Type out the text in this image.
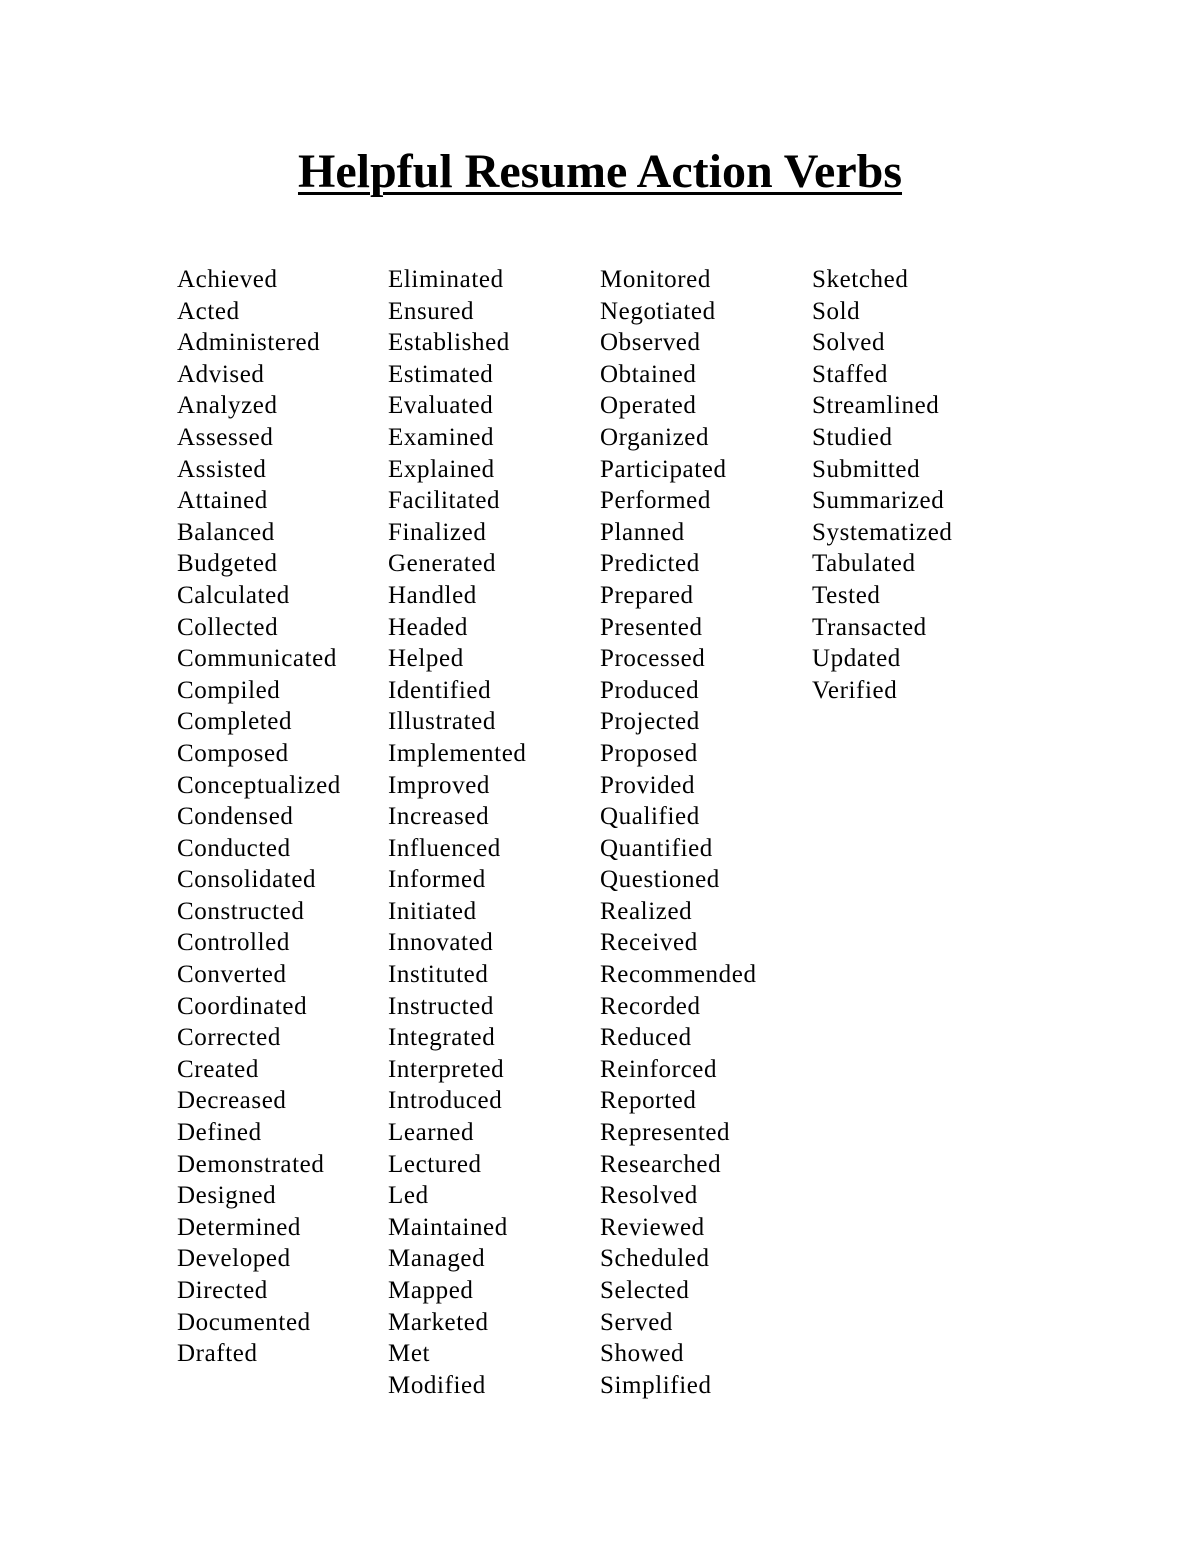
Helpful Resume Action Verbs
Achieved
Acted
Administered
Advised
Analyzed
Assessed
Assisted
Attained
Balanced
Budgeted
Calculated
Collected
Communicated
Compiled
Completed
Composed
Conceptualized
Condensed
Conducted
Consolidated
Constructed
Controlled
Converted
Coordinated
Corrected
Created
Decreased
Defined
Demonstrated
Designed
Determined
Developed
Directed
Documented
Drafted
Eliminated
Ensured
Established
Estimated
Evaluated
Examined
Explained
Facilitated
Finalized
Generated
Handled
Headed
Helped
Identified
Illustrated
Implemented
Improved
Increased
Influenced
Informed
Initiated
Innovated
Instituted
Instructed
Integrated
Interpreted
Introduced
Learned
Lectured
Led
Maintained
Managed
Mapped
Marketed
Met
Modified
Monitored
Negotiated
Observed
Obtained
Operated
Organized
Participated
Performed
Planned
Predicted
Prepared
Presented
Processed
Produced
Projected
Proposed
Provided
Qualified
Quantified
Questioned
Realized
Received
Recommended
Recorded
Reduced
Reinforced
Reported
Represented
Researched
Resolved
Reviewed
Scheduled
Selected
Served
Showed
Simplified
Sketched
Sold
Solved
Staffed
Streamlined
Studied
Submitted
Summarized
Systematized
Tabulated
Tested
Transacted
Updated
Verified
